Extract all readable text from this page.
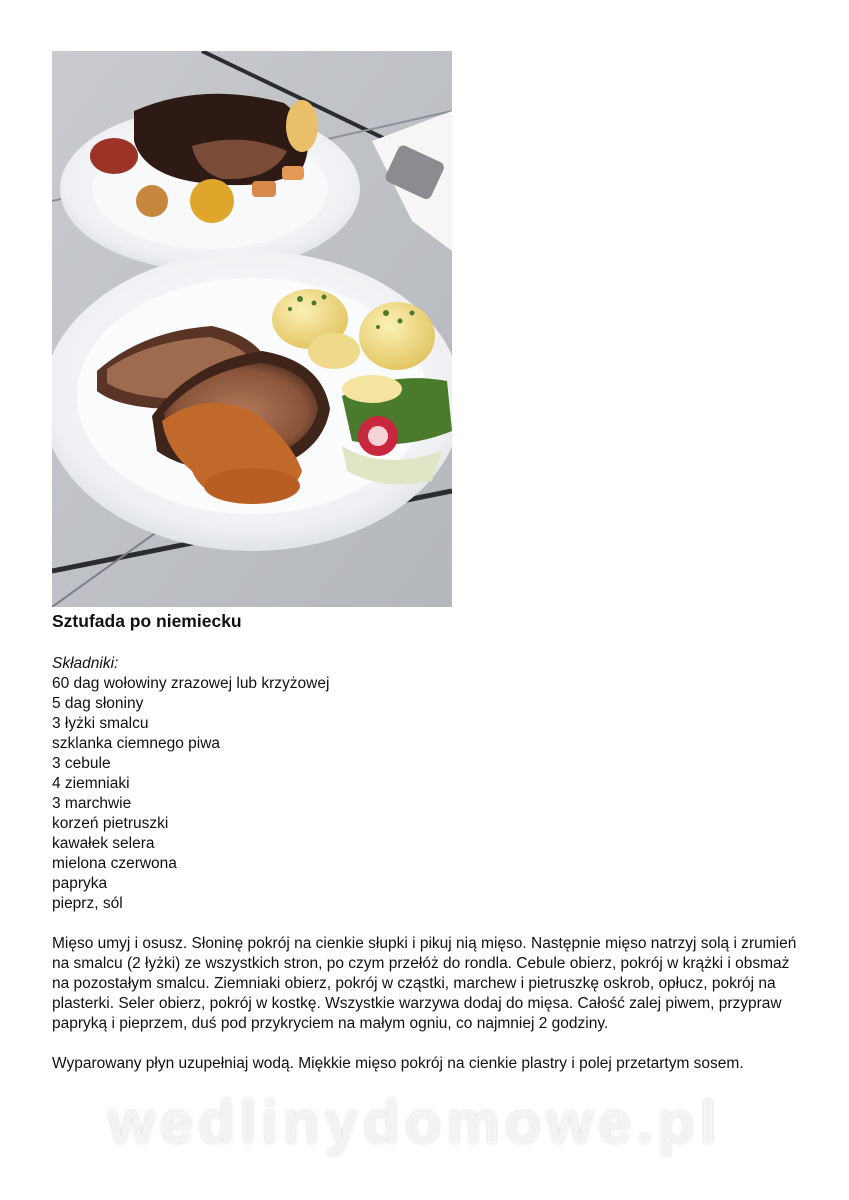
Sztufada po niemiecku

Składniki:

60 dag wołowiny zrazowej lub krzyżowej
5 dag słoniny
3 łyżki smalcu
szklanka ciemnego piwa
3 cebule
4 ziemniaki
3 marchwie
korzeń pietruszki
kawałek selera
mielona czerwona
papryka
pieprz, sól

Mięso umyj i osusz. Słoninę pokrój na cienkie słupki i pikuj nią mięso. Następnie mięso natrzyj solą i zrumień na smalcu (2 łyżki) ze wszystkich stron, po czym przełóż do rondla. Cebule obierz, pokrój w krążki i obsmaż na pozostałym smalcu. Ziemniaki obierz, pokrój w cząstki, marchew i pietruszkę oskrob, opłucz, pokrój na plasterki. Seler obierz, pokrój w kostkę. Wszystkie warzywa dodaj do mięsa. Całość zalej piwem, przypraw papryką i pieprzem, duś pod przykryciem na małym ogniu, co najmniej 2 godziny.

Wyparowany płyn uzupełniaj wodą. Miękkie mięso pokrój na cienkie plastry i polej przetartym sosem.

wedlinydomowe.pl
